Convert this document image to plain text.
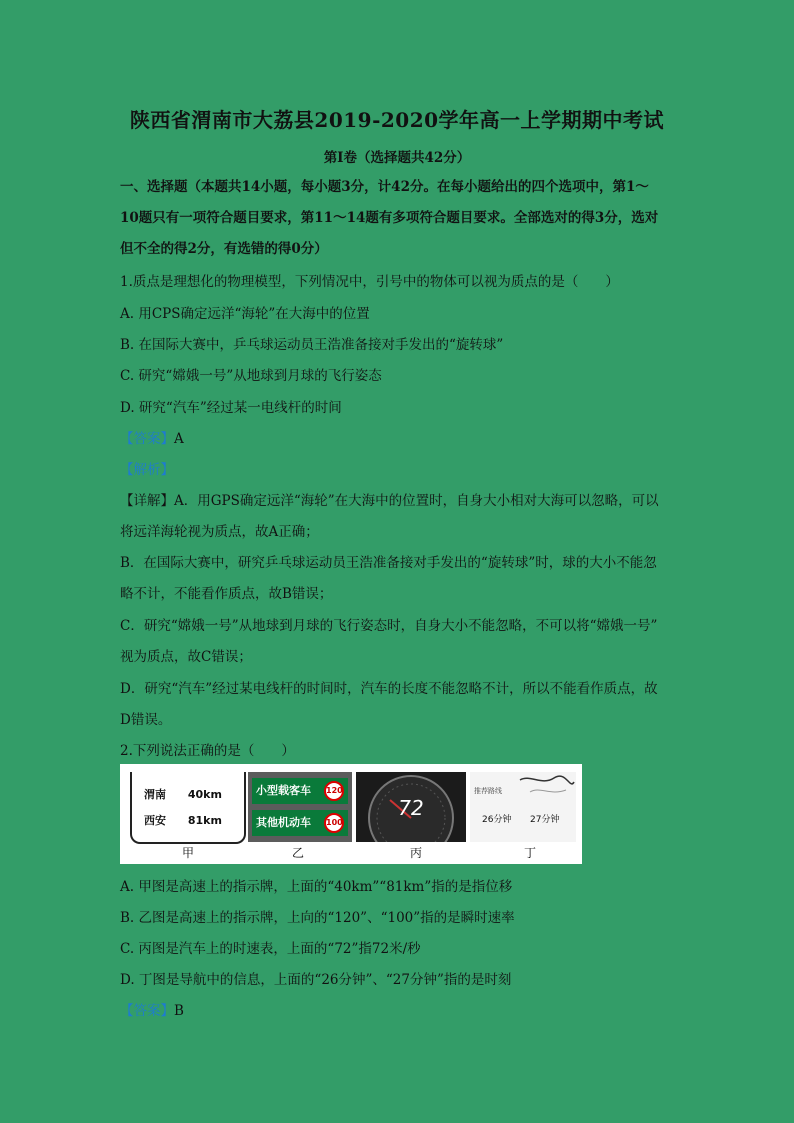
陕西省渭南市大荔县2019-2020学年高一上学期期中考试
第Ⅰ卷（选择题共42分）
一、选择题（本题共14小题，每小题3分，计42分。在每小题给出的四个选项中，第1～
10题只有一项符合题目要求，第11～14题有多项符合题目要求。全部选对的得3分，选对
但不全的得2分，有选错的得0分）
1.质点是理想化的物理模型，下列情况中，引号中的物体可以视为质点的是（　　）
A. 用CPS确定远洋“海轮”在大海中的位置
B. 在国际大赛中，乒乓球运动员王浩准备接对手发出的“旋转球”
C. 研究“嫦娥一号”从地球到月球的飞行姿态
D. 研究“汽车”经过某一电线杆的时间
【答案】A
【解析】
【详解】A．用GPS确定远洋“海轮”在大海中的位置时，自身大小相对大海可以忽略，可以
将远洋海轮视为质点，故A正确；
B．在国际大赛中，研究乒乓球运动员王浩准备接对手发出的“旋转球”时，球的大小不能忽
略不计，不能看作质点，故B错误；
C．研究“嫦娥一号”从地球到月球的飞行姿态时，自身大小不能忽略，不可以将“嫦娥一号”
视为质点，故C错误；
D．研究“汽车”经过某电线杆的时间时，汽车的长度不能忽略不计，所以不能看作质点，故
D错误。
2.下列说法正确的是（　　）
渭南 40km
西安 81km
小型载客车 120
其他机动车 100
72
推荐路线
26分钟 27分钟
甲	乙	丙	丁
A. 甲图是高速上的指示牌，上面的“40km”“81km”指的是指位移
B. 乙图是高速上的指示牌，上向的“120”、“100”指的是瞬时速率
C. 丙图是汽车上的时速表，上面的“72”指72米/秒
D. 丁图是导航中的信息，上面的“26分钟”、“27分钟”指的是时刻
【答案】B
